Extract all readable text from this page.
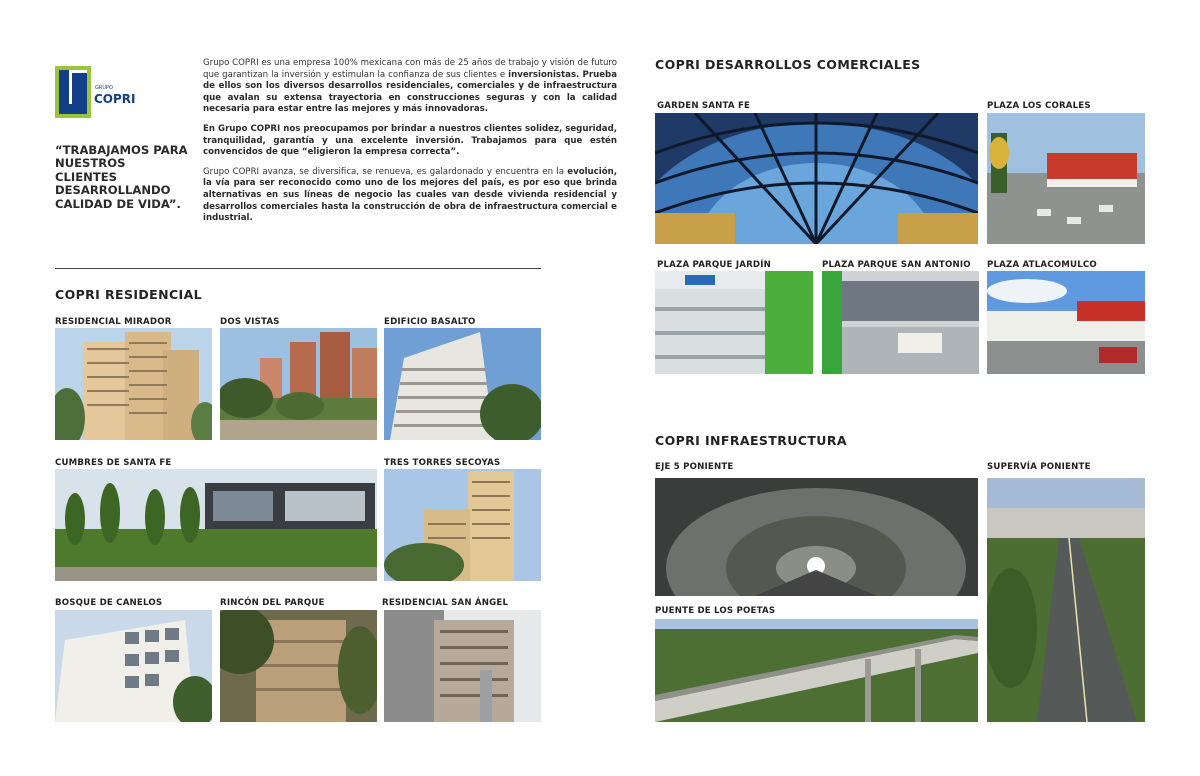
GRUPO
COPRI

Grupo COPRI es una empresa 100% mexicana con más de 25 años de trabajo y visión de futuro que garantizan la inversión y estimulan la confianza de sus clientes e inversionistas. Prueba de ellos son los diversos desarrollos residenciales, comerciales y de infraestructura que avalan su extensa trayectoria en construcciones seguras y con la calidad necesaria para estar entre las mejores y más innovadoras.

En Grupo COPRI nos preocupamos por brindar a nuestros clientes solidez, seguridad, tranquilidad, garantía y una excelente inversión. Trabajamos para que estén convencidos de que “eligieron la empresa correcta”.

Grupo COPRI avanza, se diversifica, se renueva, es galardonado y encuentra en la evolución, la vía para ser reconocido como uno de los mejores del país, es por eso que brinda alternativas en sus líneas de negocio las cuales van desde vivienda residencial y desarrollos comerciales hasta la construcción de obra de infraestructura comercial e industrial.

“TRABAJAMOS PARA NUESTROS CLIENTES DESARROLLANDO CALIDAD DE VIDA”.
COPRI RESIDENCIAL
RESIDENCIAL MIRADOR	DOS VISTAS	EDIFICIO BASALTO
CUMBRES DE SANTA FE	TRES TORRES SECOYAS
BOSQUE DE CANELOS	RINCÓN DEL PARQUE	RESIDENCIAL SAN ÁNGEL
COPRI DESARROLLOS COMERCIALES
GARDEN SANTA FE	PLAZA LOS CORALES
PLAZA PARQUE JARDÍN	PLAZA PARQUE SAN ANTONIO PLAZA ATLACOMULCO
COPRI INFRAESTRUCTURA
EJE 5 PONIENTE	SUPERVÍA PONIENTE
PUENTE DE LOS POETAS
